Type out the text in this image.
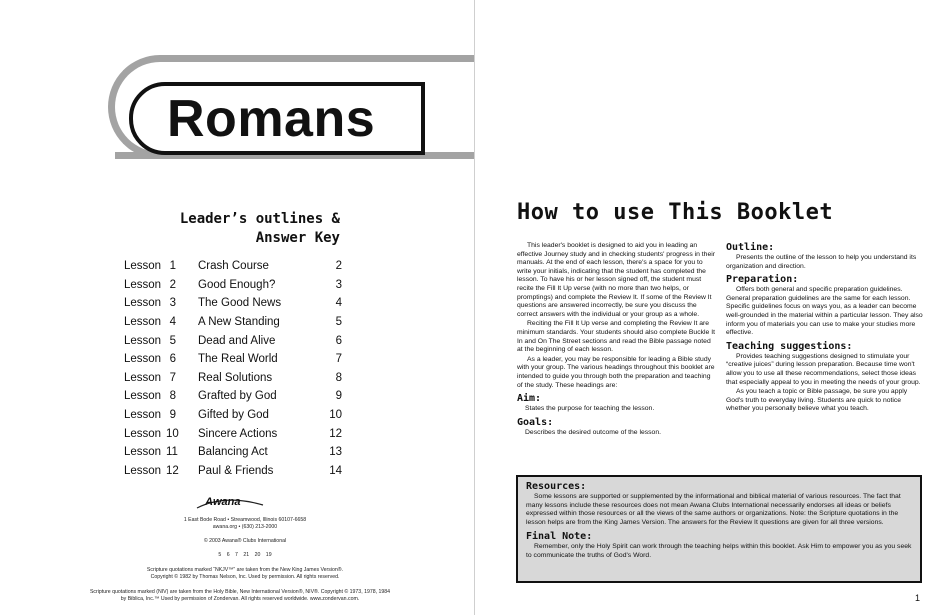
Romans
Leader’s outlines &
Answer Key
Lesson 1	Crash Course	2
Lesson 2	Good Enough?	3
Lesson 3	The Good News	4
Lesson 4	A New Standing	5
Lesson 5	Dead and Alive	6
Lesson 6	The Real World	7
Lesson 7	Real Solutions	8
Lesson 8	Grafted by God	9
Lesson 9	Gifted by God	10
Lesson 10	Sincere Actions	12
Lesson 11	Balancing Act	13
Lesson 12	Paul & Friends	14
Awana
1 East Bode Road • Streamwood, Illinois 60107-6658
awana.org • (630) 213-2000
© 2003 Awana® Clubs International
5 6 7 21 20 19
Scripture quotations marked “NKJV™” are taken from the New King James Version®.
Copyright © 1982 by Thomas Nelson, Inc. Used by permission. All rights reserved.
Scripture quotations marked (NIV) are taken from the Holy Bible, New International Version®, NIV®. Copyright © 1973, 1978, 1984
by Biblica, Inc.™ Used by permission of Zondervan. All rights reserved worldwide. www.zondervan.com.
How to use This Booklet

This leader's booklet is designed to aid you in leading an effective Journey study and in checking students' progress in their manuals. At the end of each lesson, there's a space for you to write your initials, indicating that the student has completed the lesson. To have his or her lesson signed off, the student must recite the Fill It Up verse (with no more than two helps, or promptings) and complete the Review It. If some of the Review It questions are answered incorrectly, be sure you discuss the correct answers with the individual or your group as a whole.

Reciting the Fill It Up verse and completing the Review It are minimum standards. Your students should also complete Buckle It In and On The Street sections and read the Bible passage noted at the beginning of each lesson.

As a leader, you may be responsible for leading a Bible study with your group. The various headings throughout this booklet are intended to guide you through both the preparation and teaching of the study. These headings are:

Aim:

States the purpose for teaching the lesson.

Goals:

Describes the desired outcome of the lesson.

Outline:

Presents the outline of the lesson to help you understand its organization and direction.

Preparation:

Offers both general and specific preparation guidelines. General preparation guidelines are the same for each lesson. Specific guidelines focus on ways you, as a leader can become well-grounded in the material within a particular lesson. They also inform you of materials you can use to make your studies more effective.

Teaching suggestions:

Provides teaching suggestions designed to stimulate your “creative juices” during lesson preparation. Because time won't allow you to use all these recommendations, select those ideas that especially appeal to you in meeting the needs of your group.

As you teach a topic or Bible passage, be sure you apply God's truth to everyday living. Students are quick to notice whether you personally believe what you teach.

Resources:

Some lessons are supported or supplemented by the informational and biblical material of various resources. The fact that many lessons include these resources does not mean Awana Clubs International necessarily endorses all ideas or beliefs expressed within those resources or all the views of the same authors or organizations. Note: the Scripture quotations in the lesson helps are from the King James Version. The answers for the Review It questions are given for all three versions.

Final Note:

Remember, only the Holy Spirit can work through the teaching helps within this booklet. Ask Him to empower you as you seek to communicate the truths of God's Word.

1
